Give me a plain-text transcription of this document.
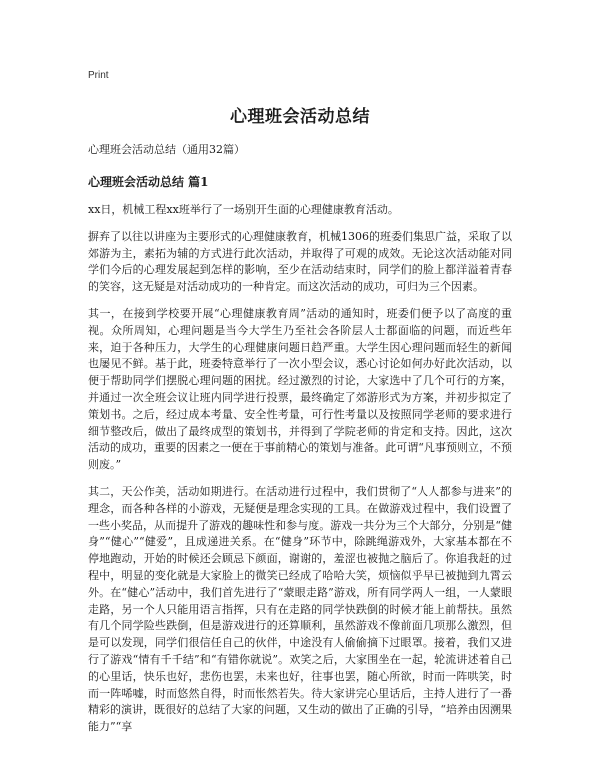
Print
心理班会活动总结
心理班会活动总结（通用32篇）
心理班会活动总结 篇1

xx日，机械工程xx班举行了一场别开生面的心理健康教育活动。

摒弃了以往以讲座为主要形式的心理健康教育，机械1306的班委们集思广益，采取了以郊游为主，素拓为辅的方式进行此次活动，并取得了可观的成效。无论这次活动能对同学们今后的心理发展起到怎样的影响，至少在活动结束时，同学们的脸上都洋溢着青春的笑容，这无疑是对活动成功的一种肯定。而这次活动的成功，可归为三个因素。

其一，在接到学校要开展“心理健康教育周”活动的通知时，班委们便予以了高度的重视。众所周知，心理问题是当今大学生乃至社会各阶层人士都面临的问题，而近些年来，迫于各种压力，大学生的心理健康问题日趋严重。大学生因心理问题而轻生的新闻也屡见不鲜。基于此，班委特意举行了一次小型会议，悉心讨论如何办好此次活动，以便于帮助同学们摆脱心理问题的困扰。经过激烈的讨论，大家选中了几个可行的方案，并通过一次全班会议让班内同学进行投票，最终确定了郊游形式为方案，并初步拟定了策划书。之后，经过成本考量、安全性考量，可行性考量以及按照同学老师的要求进行细节整改后，做出了最终成型的策划书，并得到了学院老师的肯定和支持。因此，这次活动的成功，重要的因素之一便在于事前精心的策划与准备。此可谓“凡事预则立，不预则废。”

其二，天公作美，活动如期进行。在活动进行过程中，我们贯彻了“人人都参与进来”的理念，而各种各样的小游戏，无疑便是理念实现的工具。在做游戏过程中，我们设置了一些小奖品，从而提升了游戏的趣味性和参与度。游戏一共分为三个大部分，分别是“健身”“健心”“健爱”，且成递进关系。在“健身”环节中，除跳绳游戏外，大家基本都在不停地跑动，开始的时候还会顾忌下颜面，谢谢的，羞涩也被抛之脑后了。你追我赶的过程中，明显的变化就是大家脸上的微笑已经成了哈哈大笑，烦恼似乎早已被抛到九霄云外。在“健心”活动中，我们首先进行了“蒙眼走路”游戏，所有同学两人一组，一人蒙眼走路，另一个人只能用语言指挥，只有在走路的同学快跌倒的时候才能上前帮扶。虽然有几个同学险些跌倒，但是游戏进行的还算顺利，虽然游戏不像前面几项那么激烈，但是可以发现，同学们很信任自己的伙伴，中途没有人偷偷摘下过眼罩。接着，我们又进行了游戏“情有千千结”和“有错你就说”。欢笑之后，大家围坐在一起，轮流讲述着自己的心里话，快乐也好，悲伤也罢，未来也好，往事也罢，随心所欲，时而一阵哄笑，时而一阵唏嘘，时而悠然自得，时而怅然若失。待大家讲完心里话后，主持人进行了一番精彩的演讲，既很好的总结了大家的问题，又生动的做出了正确的引导，“培养由因溯果能力”“享
